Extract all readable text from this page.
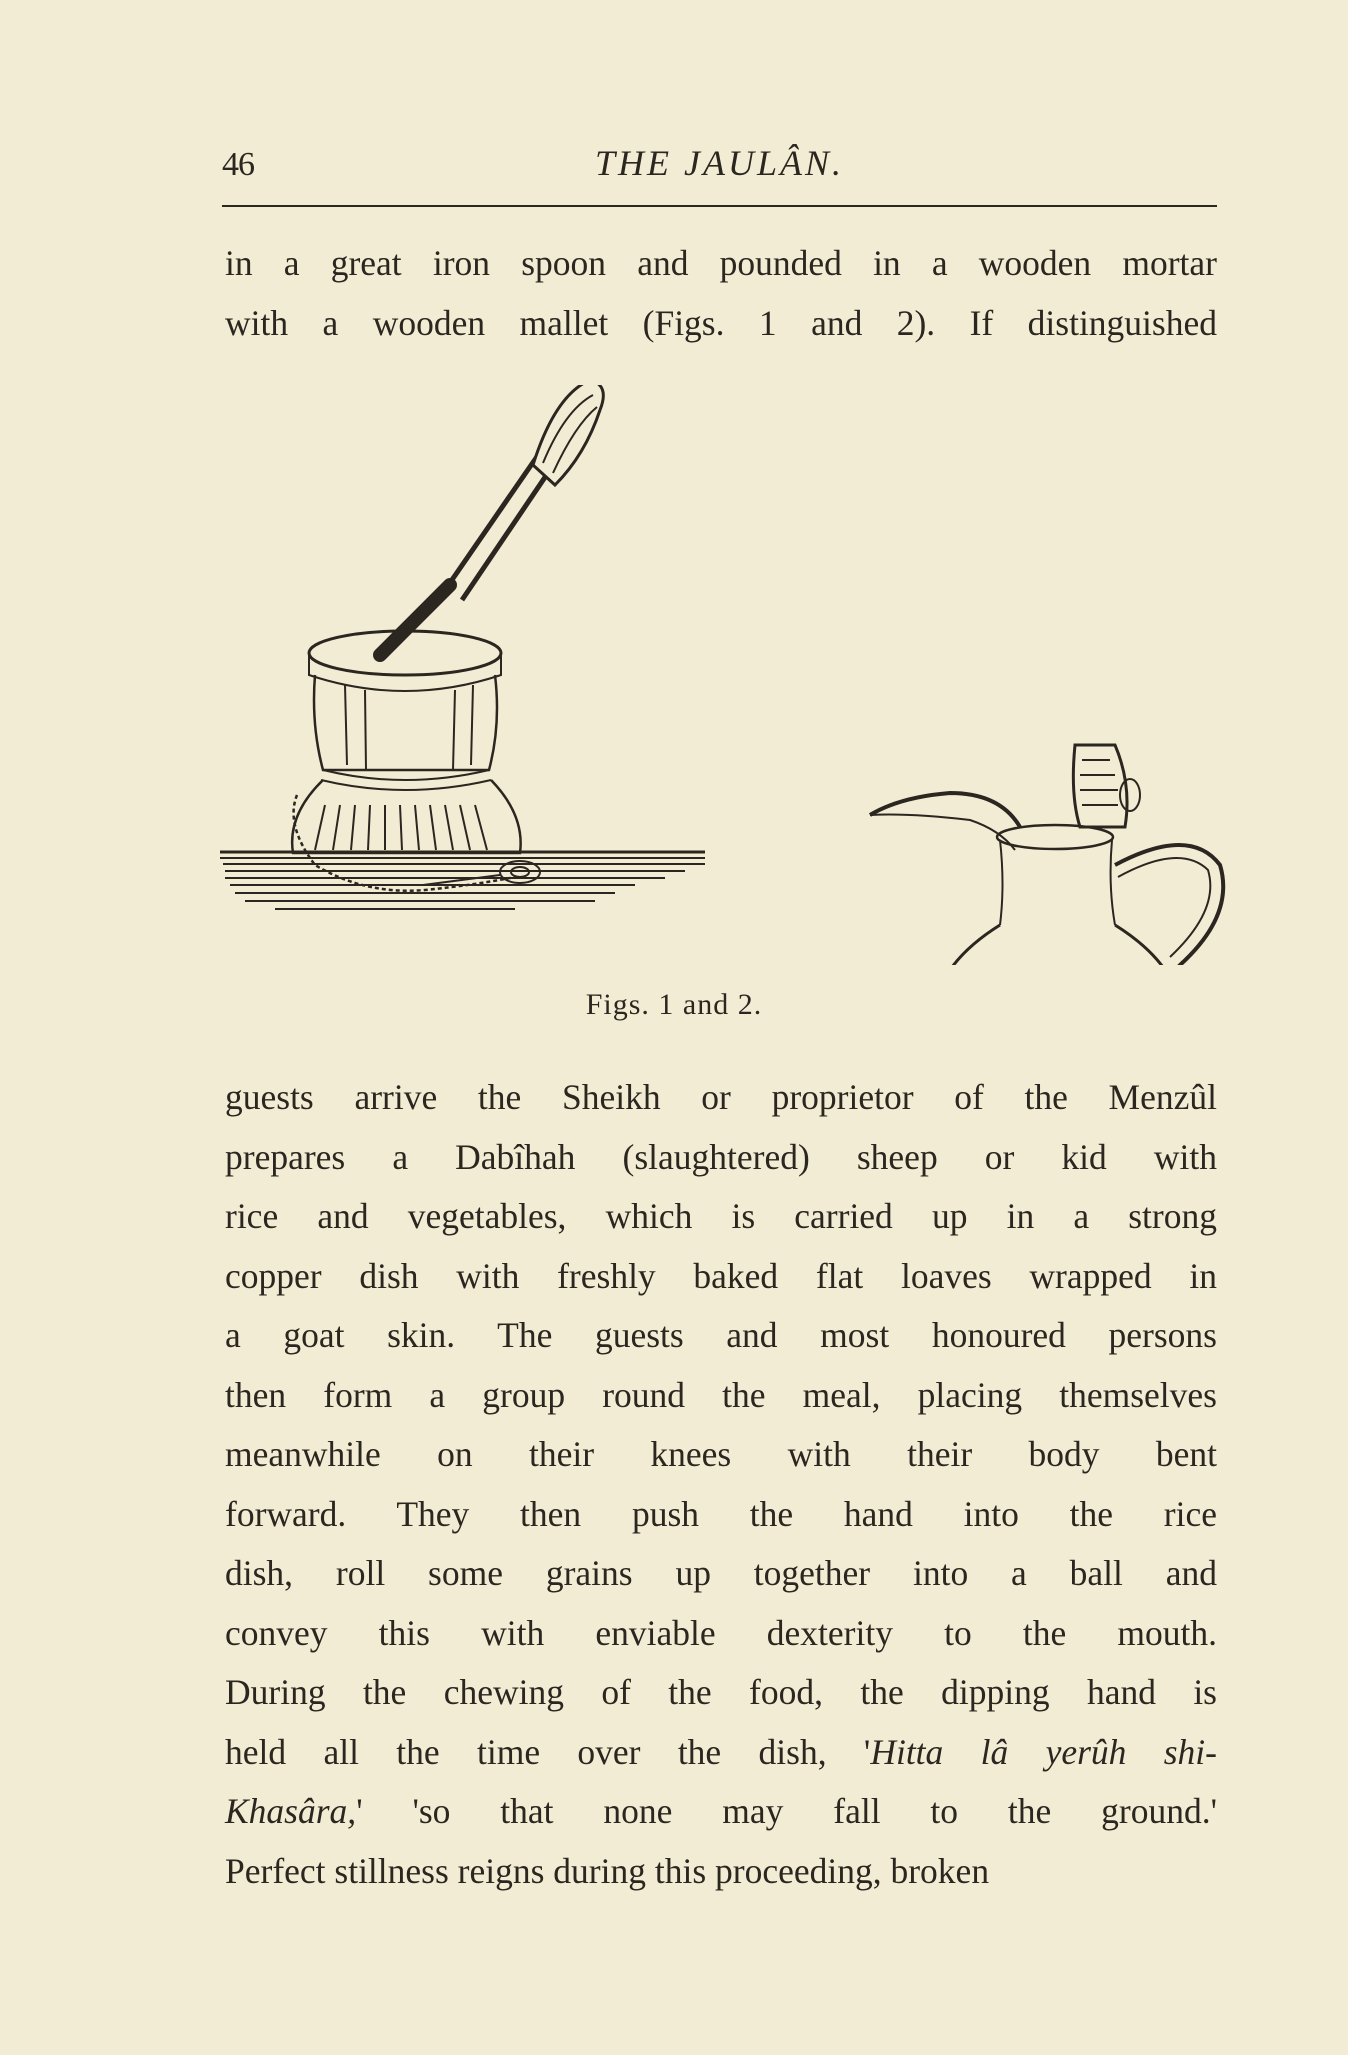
46	THE JAULÂN.
in a great iron spoon and pounded in a wooden mortar
with a wooden mallet (Figs. 1 and 2). If distinguished
Figs. 1 and 2.
guests arrive the Sheikh or proprietor of the Menzûl
prepares a Dabîhah (slaughtered) sheep or kid with
rice and vegetables, which is carried up in a strong
copper dish with freshly baked flat loaves wrapped in
a goat skin. The guests and most honoured persons
then form a group round the meal, placing themselves
meanwhile on their knees with their body bent
forward. They then push the hand into the rice
dish, roll some grains up together into a ball and
convey this with enviable dexterity to the mouth.
During the chewing of the food, the dipping hand is
held all the time over the dish, 'Hitta lâ yerûh shi-
Khasâra,' 'so that none may fall to the ground.'
Perfect stillness reigns during this proceeding, broken
